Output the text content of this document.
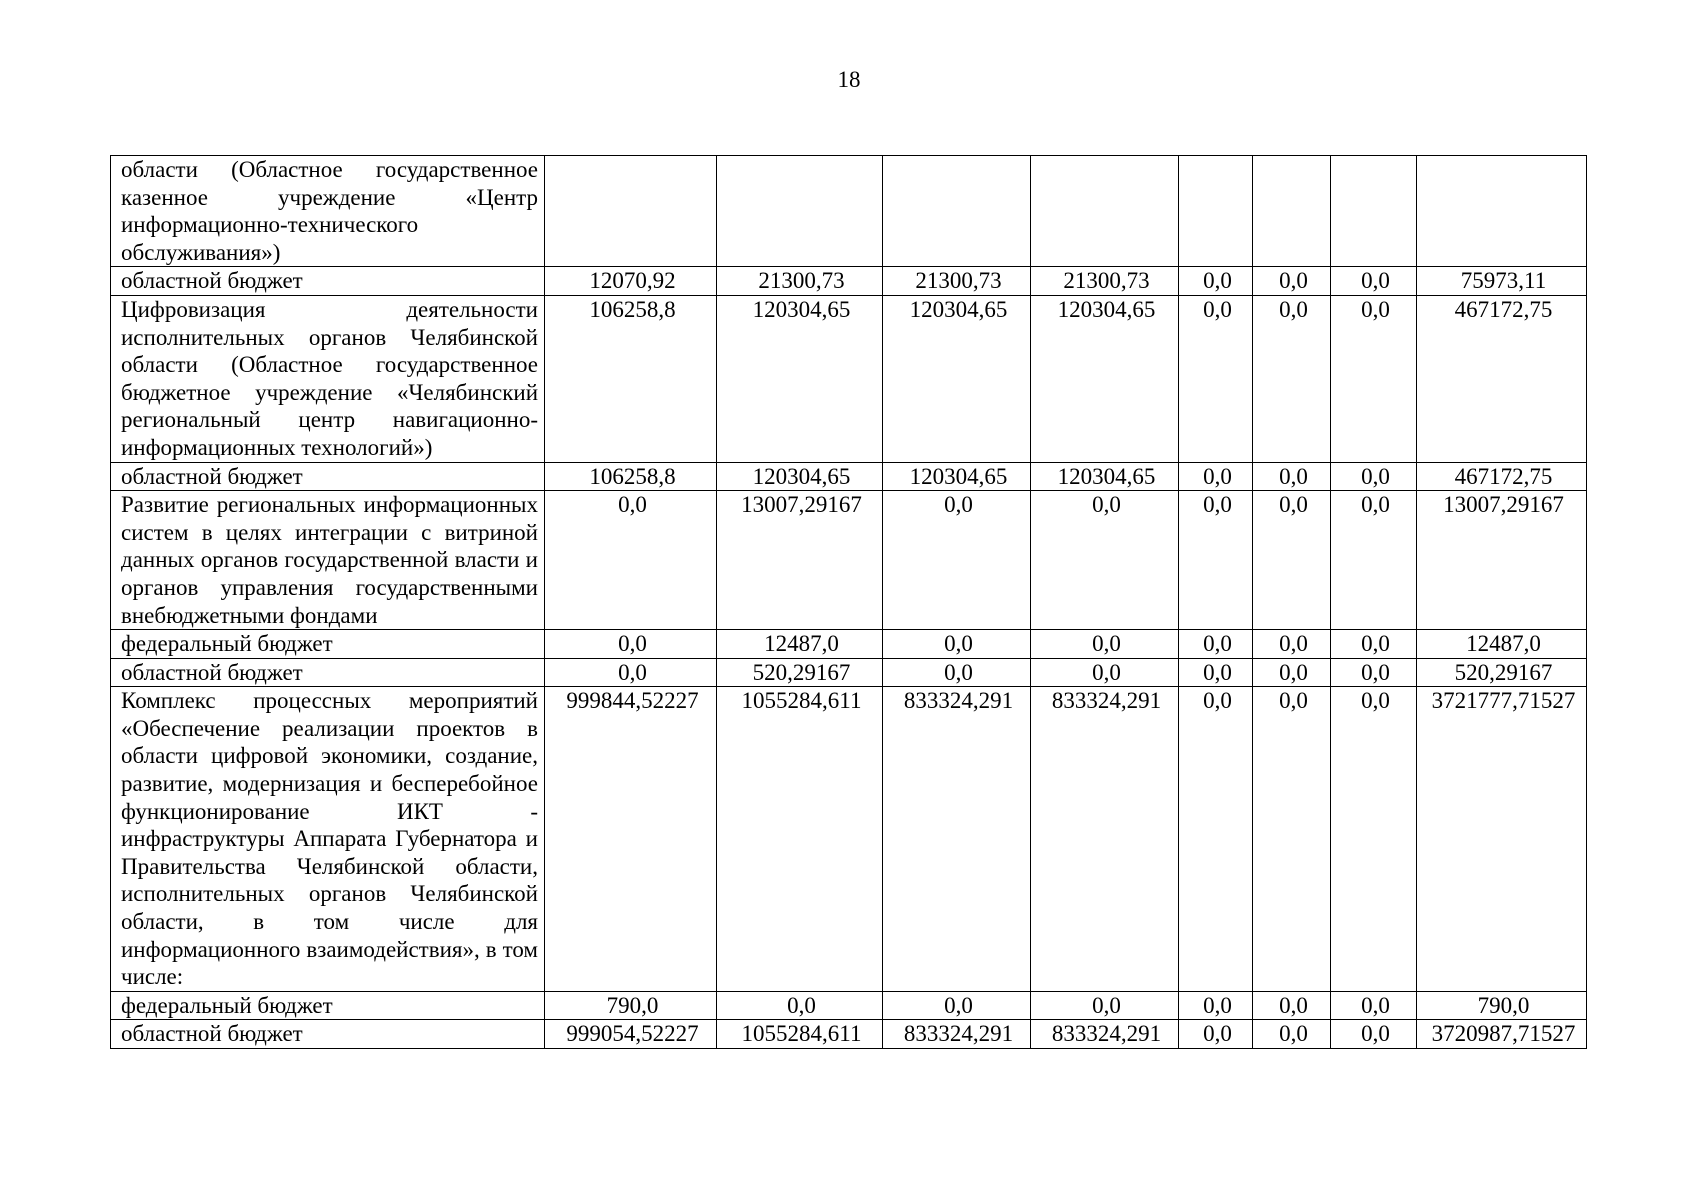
18
области (Областное государственное казенное учреждение «Центр информационно-технического обслуживания»)								
областной бюджет	12070,92	21300,73	21300,73	21300,73	0,0	0,0	0,0	75973,11
Цифровизация деятельности исполнительных органов Челябинской области (Областное государственное бюджетное учреждение «Челябинский региональный центр навигационно-информационных технологий»)	106258,8	120304,65	120304,65	120304,65	0,0	0,0	0,0	467172,75
областной бюджет	106258,8	120304,65	120304,65	120304,65	0,0	0,0	0,0	467172,75
Развитие региональных информационных систем в целях интеграции с витриной данных органов государственной власти и органов управления государственными внебюджетными фондами	0,0	13007,29167	0,0	0,0	0,0	0,0	0,0	13007,29167
федеральный бюджет	0,0	12487,0	0,0	0,0	0,0	0,0	0,0	12487,0
областной бюджет	0,0	520,29167	0,0	0,0	0,0	0,0	0,0	520,29167
Комплекс процессных мероприятий «Обеспечение реализации проектов в области цифровой экономики, создание, развитие, модернизация и бесперебойное функционирование ИКТ - инфраструктуры Аппарата Губернатора и Правительства Челябинской области, исполнительных органов Челябинской области, в том числе для информационного взаимодействия», в том числе:	999844,52227	1055284,611	833324,291	833324,291	0,0	0,0	0,0	3721777,71527
федеральный бюджет	790,0	0,0	0,0	0,0	0,0	0,0	0,0	790,0
областной бюджет	999054,52227	1055284,611	833324,291	833324,291	0,0	0,0	0,0	3720987,71527
